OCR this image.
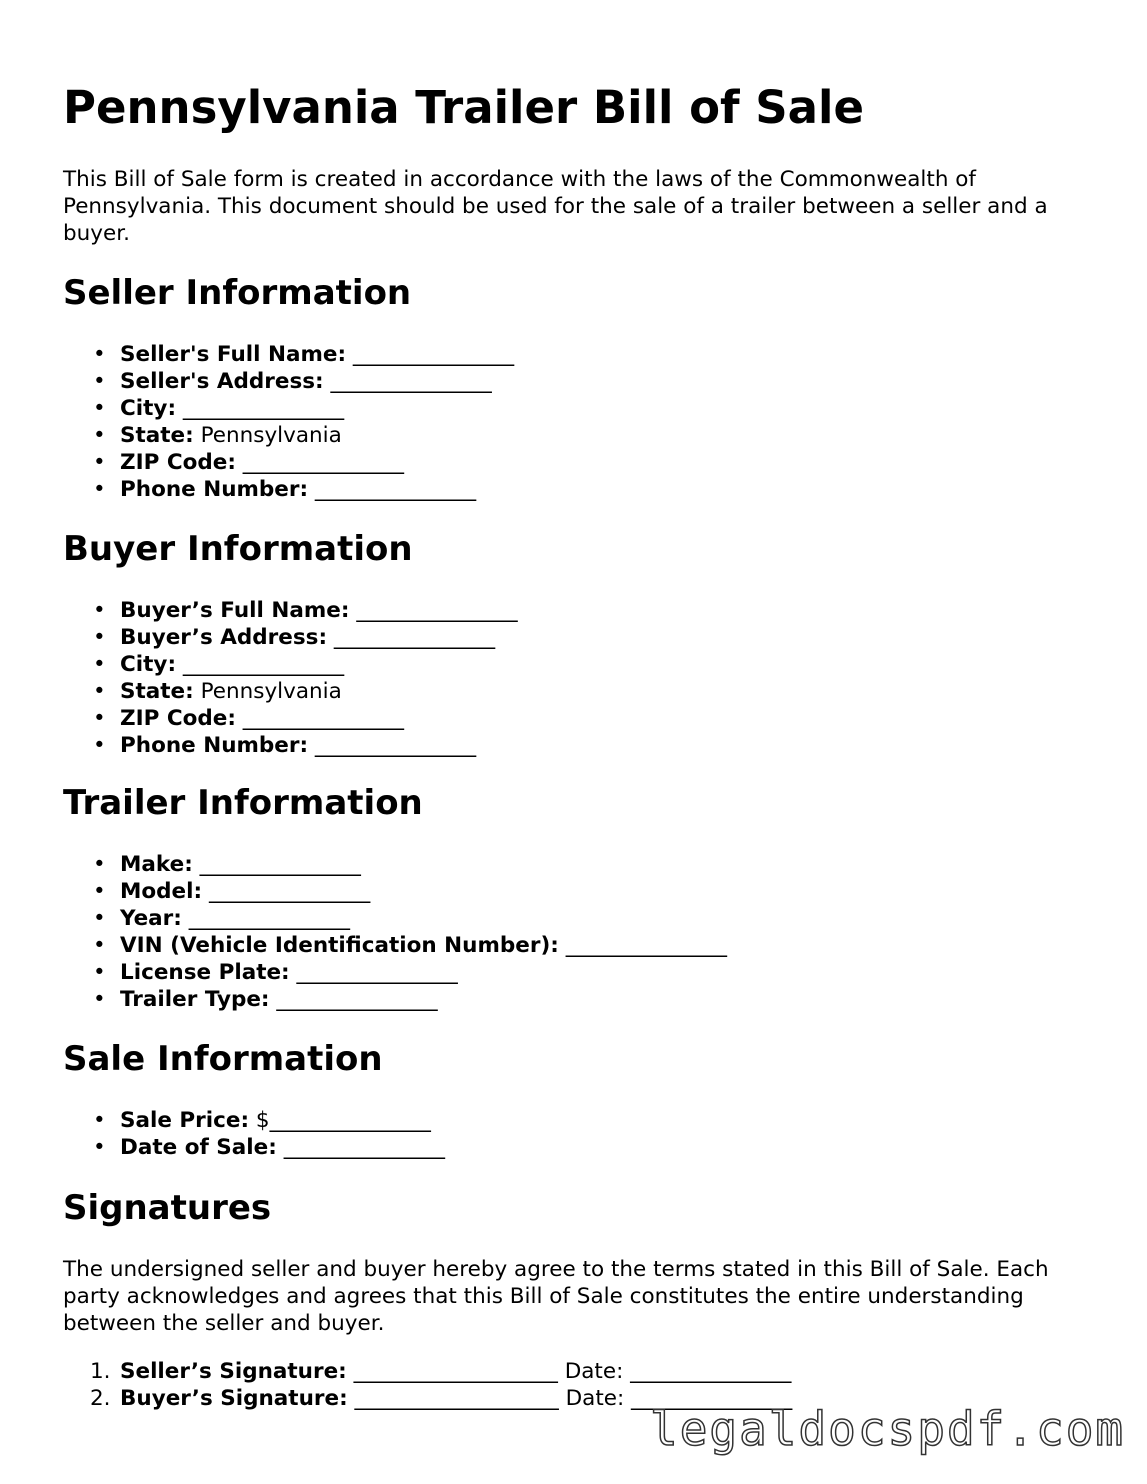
Pennsylvania Trailer Bill of Sale

This Bill of Sale form is created in accordance with the laws of the Commonwealth of Pennsylvania. This document should be used for the sale of a trailer between a seller and a buyer.

Seller Information
• Seller's Full Name: _______________
• Seller's Address: _______________
• City: _______________
• State: Pennsylvania
• ZIP Code: _______________
• Phone Number: _______________
Buyer Information
• Buyer’s Full Name: _______________
• Buyer’s Address: _______________
• City: _______________
• State: Pennsylvania
• ZIP Code: _______________
• Phone Number: _______________
Trailer Information
• Make: _______________
• Model: _______________
• Year: _______________
• VIN (Vehicle Identification Number): _______________
• License Plate: _______________
• Trailer Type: _______________
Sale Information
• Sale Price: $_______________
• Date of Sale: _______________
Signatures

The undersigned seller and buyer hereby agree to the terms stated in this Bill of Sale. Each party acknowledges and agrees that this Bill of Sale constitutes the entire understanding between the seller and buyer.

1. Seller’s Signature: ___________________ Date: _______________
2. Buyer’s Signature: ___________________ Date: _______________
legaldocspdf.com
